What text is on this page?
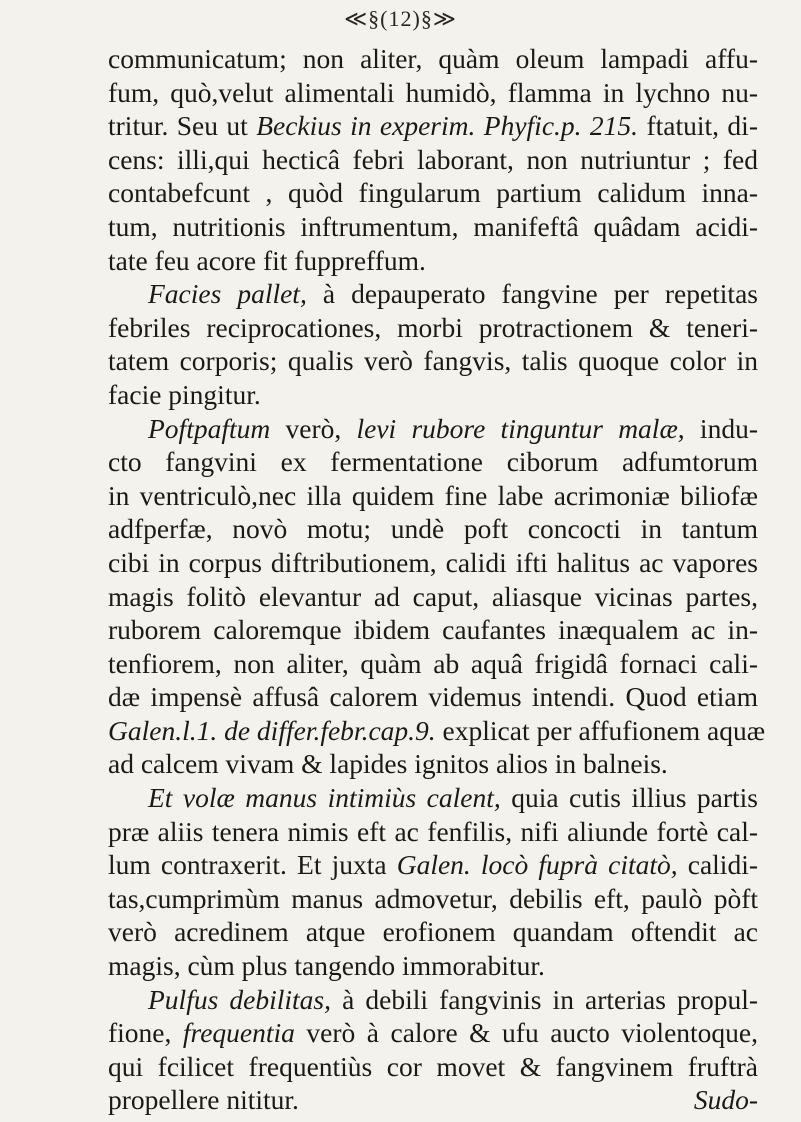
≪§(12)§≫
communicatum; non aliter, quàm oleum lampadi affu-
fum, quò,velut alimentali humidò, flamma in lychno nu-
tritur. Seu ut Beckius in experim. Phyfic.p. 215. ftatuit, di-
cens: illi,qui hecticâ febri laborant, non nutriuntur ; fed
contabefcunt , quòd fingularum partium calidum inna-
tum, nutritionis inftrumentum, manifeftâ quâdam acidi-
tate feu acore fit fuppreffum.
Facies pallet, à depauperato fangvine per repetitas
febriles reciprocationes, morbi protractionem & teneri-
tatem corporis; qualis verò fangvis, talis quoque color in
facie pingitur.
Poftpaftum verò, levi rubore tinguntur malæ, indu-
cto fangvini ex fermentatione ciborum adfumtorum
in ventriculò,nec illa quidem fine labe acrimoniæ biliofæ
adfperfæ, novò motu; undè poft concocti in tantum
cibi in corpus diftributionem, calidi ifti halitus ac vapores
magis folitò elevantur ad caput, aliasque vicinas partes,
ruborem caloremque ibidem caufantes inæqualem ac in-
tenfiorem, non aliter, quàm ab aquâ frigidâ fornaci cali-
dæ impensè affusâ calorem videmus intendi. Quod etiam
Galen.l.1. de differ.febr.cap.9. explicat per affufionem aquæ
ad calcem vivam & lapides ignitos alios in balneis.
Et volæ manus intimiùs calent, quia cutis illius partis
præ aliis tenera nimis eft ac fenfilis, nifi aliunde fortè cal-
lum contraxerit. Et juxta Galen. locò fuprà citatò, calidi-
tas,cumprimùm manus admovetur, debilis eft, paulò pòft
verò acredinem atque erofionem quandam oftendit ac
magis, cùm plus tangendo immorabitur.
Pulfus debilitas, à debili fangvinis in arterias propul-
fione, frequentia verò à calore & ufu aucto violentoque,
qui fcilicet frequentiùs cor movet & fangvinem fruftrà
propellere nititur.	Sudo-
